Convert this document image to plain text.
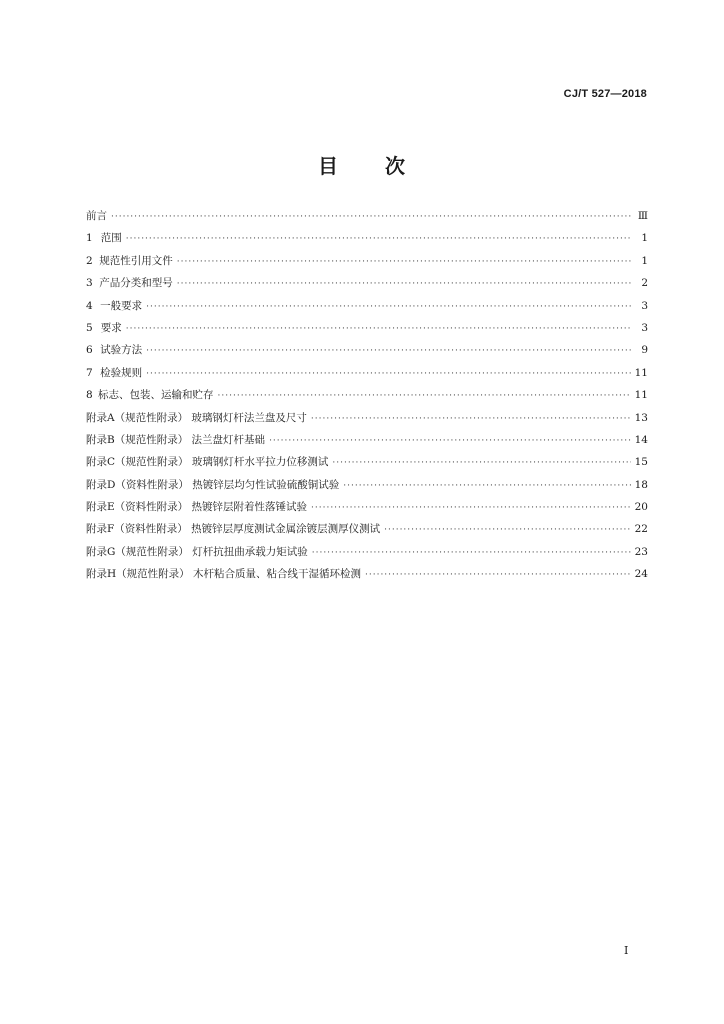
CJ/T 527—2018
目 次
前言 ·····	Ⅲ
1 范围 ·····	1
2 规范性引用文件 ·····	1
3 产品分类和型号 ·····	2
4 一般要求 ·····	3
5 要求 ·····	3
6 试验方法 ·····	9
7 检验规则 ·····	11
8 标志、包装、运输和贮存 ·····	11
附录A（规范性附录） 玻璃钢灯杆法兰盘及尺寸 ·····	13
附录B（规范性附录） 法兰盘灯杆基础 ·····	14
附录C（规范性附录） 玻璃钢灯杆水平拉力位移测试 ·····	15
附录D（资料性附录） 热镀锌层均匀性试验硫酸铜试验 ·····	18
附录E（资料性附录） 热镀锌层附着性落锤试验 ·····	20
附录F（资料性附录） 热镀锌层厚度测试金属涂镀层测厚仪测试 ·····	22
附录G（规范性附录） 灯杆抗扭曲承载力矩试验 ·····	23
附录H（规范性附录） 木杆粘合质量、粘合线干湿循环检测 ·····	24
I
